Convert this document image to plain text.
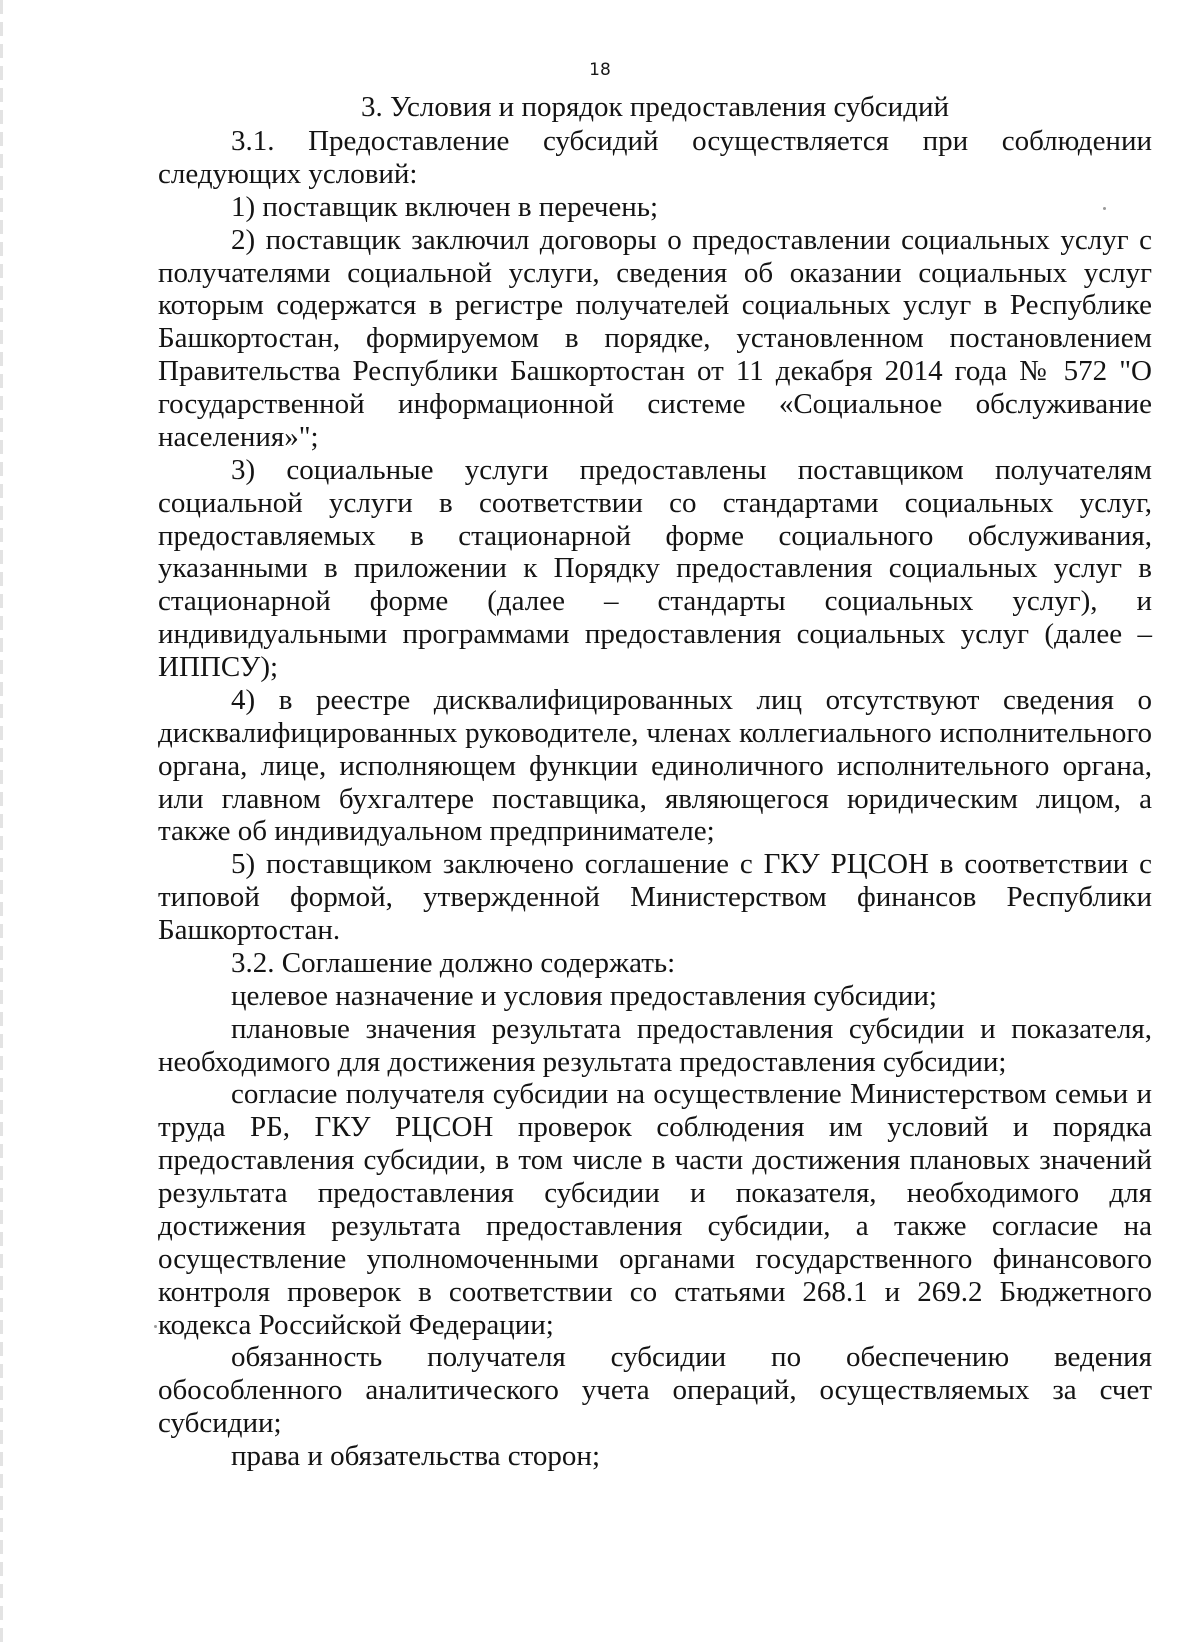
18
3. Условия и порядок предоставления субсидий

3.1. Предоставление субсидий осуществляется при соблюдении следующих условий:

1) поставщик включен в перечень;

2) поставщик заключил договоры о предоставлении социальных услуг с получателями социальной услуги, сведения об оказании социальных услуг которым содержатся в регистре получателей социальных услуг в Республике Башкортостан, формируемом в порядке, установленном постановлением Правительства Республики Башкортостан от 11 декабря 2014 года № 572 "О государственной информационной системе «Социальное обслуживание населения»";

3) социальные услуги предоставлены поставщиком получателям социальной услуги в соответствии со стандартами социальных услуг, предоставляемых в стационарной форме социального обслуживания, указанными в приложении к Порядку предоставления социальных услуг в стационарной форме (далее – стандарты социальных услуг), и индивидуальными программами предоставления социальных услуг (далее – ИППСУ);

4) в реестре дисквалифицированных лиц отсутствуют сведения о дисквалифицированных руководителе, членах коллегиального исполнительного органа, лице, исполняющем функции единоличного исполнительного органа, или главном бухгалтере поставщика, являющегося юридическим лицом, а также об индивидуальном предпринимателе;

5) поставщиком заключено соглашение с ГКУ РЦСОН в соответствии с типовой формой, утвержденной Министерством финансов Республики Башкортостан.

3.2. Соглашение должно содержать:

целевое назначение и условия предоставления субсидии;

плановые значения результата предоставления субсидии и показателя, необходимого для достижения результата предоставления субсидии;

согласие получателя субсидии на осуществление Министерством семьи и труда РБ, ГКУ РЦСОН проверок соблюдения им условий и порядка предоставления субсидии, в том числе в части достижения плановых значений результата предоставления субсидии и показателя, необходимого для достижения результата предоставления субсидии, а также согласие на осуществление уполномоченными органами государственного финансового контроля проверок в соответствии со статьями 268.1 и 269.2 Бюджетного кодекса Российской Федерации;

обязанность получателя субсидии по обеспечению ведения обособленного аналитического учета операций, осуществляемых за счет субсидии;

права и обязательства сторон;
